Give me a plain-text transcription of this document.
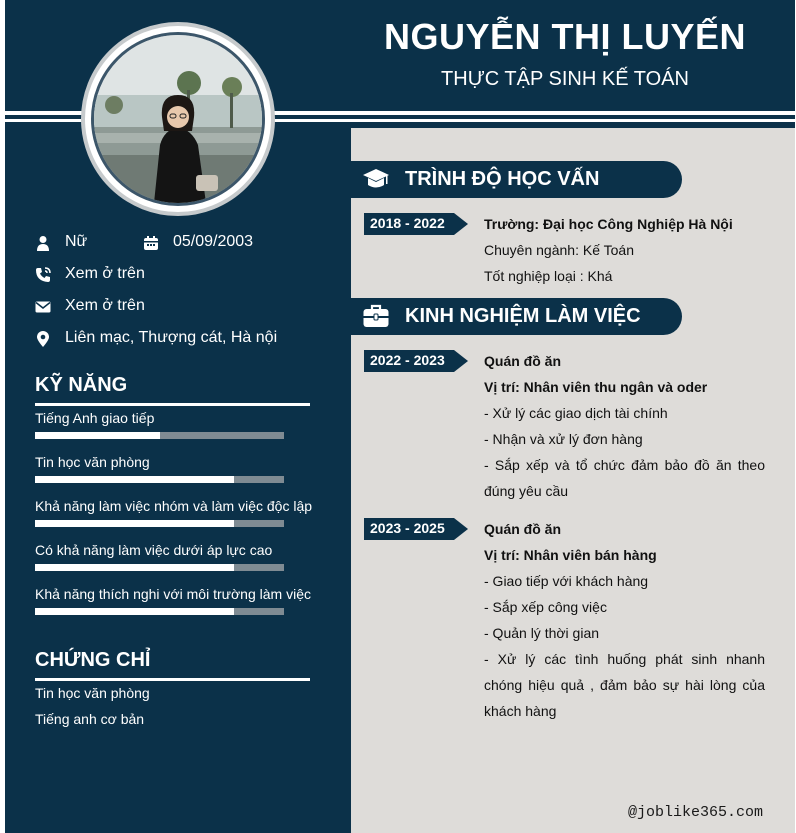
NGUYỄN THỊ LUYẾN
THỰC TẬP SINH KẾ TOÁN
Nữ	05/09/2003
Xem ở trên
Xem ở trên
Liên mạc, Thượng cát, Hà nội
KỸ NĂNG
Tiếng Anh giao tiếp
Tin học văn phòng
Khả năng làm việc nhóm và làm việc độc lập
Có khả năng làm việc dưới áp lực cao
Khả năng thích nghi với môi trường làm việc
CHỨNG CHỈ
Tin học văn phòng
Tiếng anh cơ bản
TRÌNH ĐỘ HỌC VẤN
2018 - 2022	Trường: Đại học Công Nghiệp Hà Nội
Chuyên ngành: Kế Toán
Tốt nghiệp loại : Khá
KINH NGHIỆM LÀM VIỆC
2022 - 2023	Quán đồ ăn
Vị trí: Nhân viên thu ngân và oder
- Xử lý các giao dịch tài chính
- Nhận và xử lý đơn hàng
- Sắp xếp và tổ chức đảm bảo đồ ăn theo đúng yêu cầu
2023 - 2025	Quán đồ ăn
Vị trí: Nhân viên bán hàng
- Giao tiếp với khách hàng
- Sắp xếp công việc
- Quản lý thời gian
- Xử lý các tình huống phát sinh nhanh chóng hiệu quả , đảm bảo sự hài lòng của khách hàng
@joblike365.com
